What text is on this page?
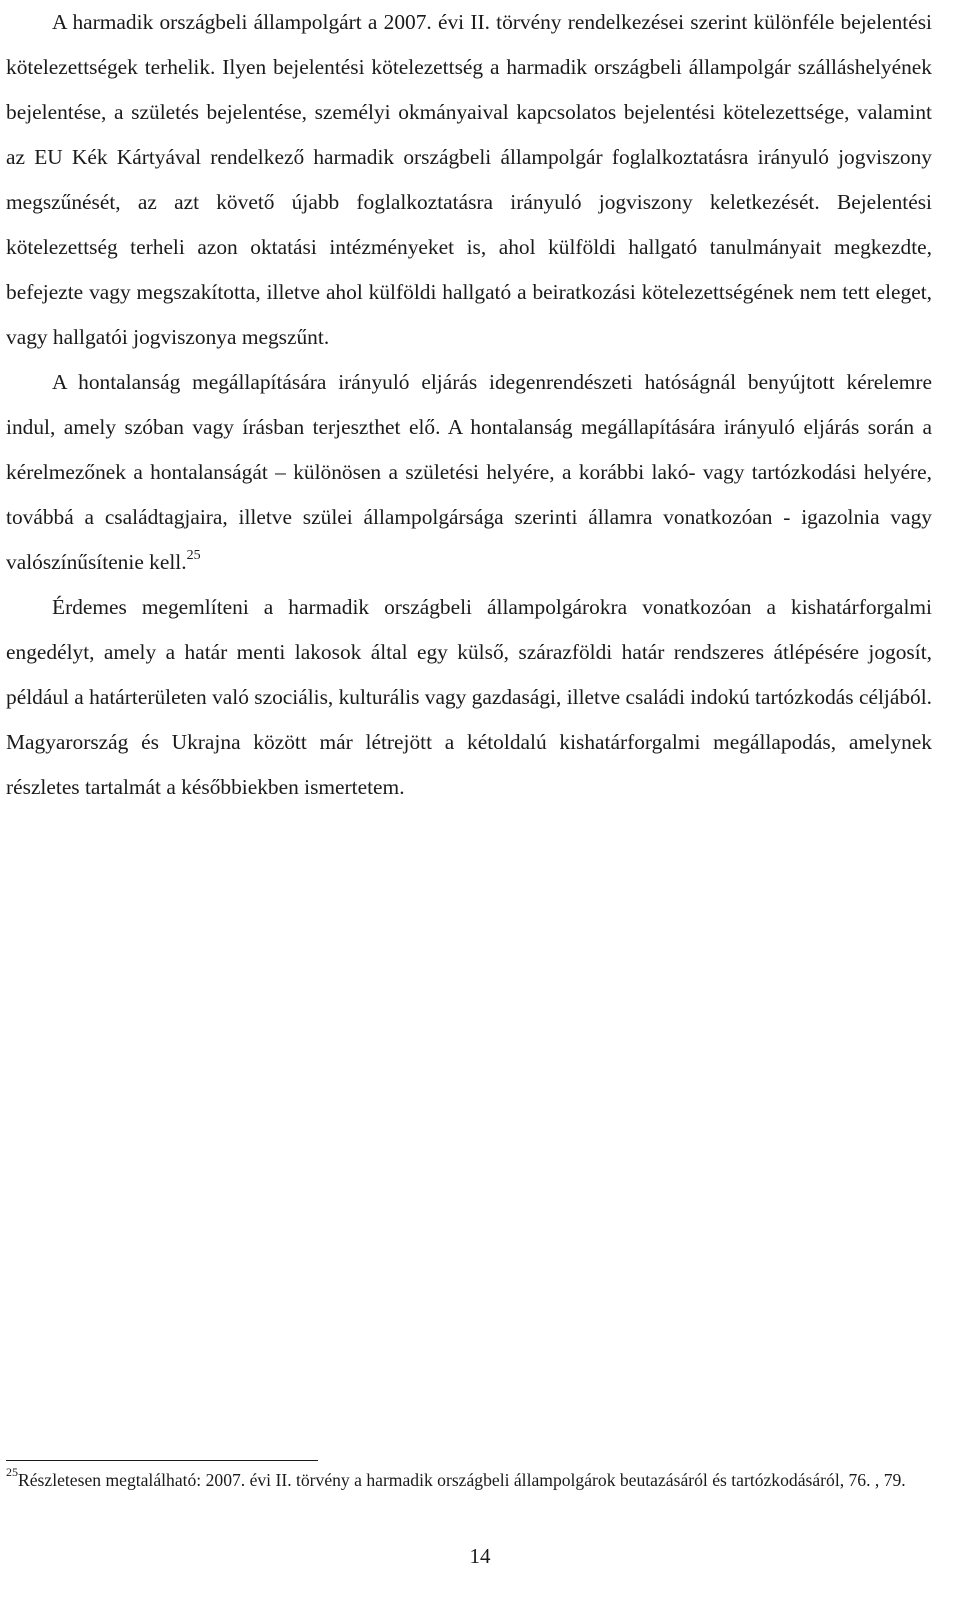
A harmadik országbeli állampolgárt a 2007. évi II. törvény rendelkezései szerint különféle bejelentési kötelezettségek terhelik. Ilyen bejelentési kötelezettség a harmadik országbeli állampolgár szálláshelyének bejelentése, a születés bejelentése, személyi okmányaival kapcsolatos bejelentési kötelezettsége, valamint az EU Kék Kártyával rendelkező harmadik országbeli állampolgár foglalkoztatásra irányuló jogviszony megszűnését, az azt követő újabb foglalkoztatásra irányuló jogviszony keletkezését. Bejelentési kötelezettség terheli azon oktatási intézményeket is, ahol külföldi hallgató tanulmányait megkezdte, befejezte vagy megszakította, illetve ahol külföldi hallgató a beiratkozási kötelezettségének nem tett eleget, vagy hallgatói jogviszonya megszűnt.

A hontalanság megállapítására irányuló eljárás idegenrendészeti hatóságnál benyújtott kérelemre indul, amely szóban vagy írásban terjeszthet elő. A hontalanság megállapítására irányuló eljárás során a kérelmezőnek a hontalanságát – különösen a születési helyére, a korábbi lakó- vagy tartózkodási helyére, továbbá a családtagjaira, illetve szülei állampolgársága szerinti államra vonatkozóan - igazolnia vagy valószínűsítenie kell.$^{25}$

Érdemes megemlíteni a harmadik országbeli állampolgárokra vonatkozóan a kishatárforgalmi engedélyt, amely a határ menti lakosok által egy külső, szárazföldi határ rendszeres átlépésére jogosít, például a határterületen való szociális, kulturális vagy gazdasági, illetve családi indokú tartózkodás céljából. Magyarország és Ukrajna között már létrejött a kétoldalú kishatárforgalmi megállapodás, amelynek részletes tartalmát a későbbiekben ismertetem.

$^{25}$Részletesen megtalálható: 2007. évi II. törvény a harmadik országbeli állampolgárok beutazásáról és tartózkodásáról, 76. , 79.

14
